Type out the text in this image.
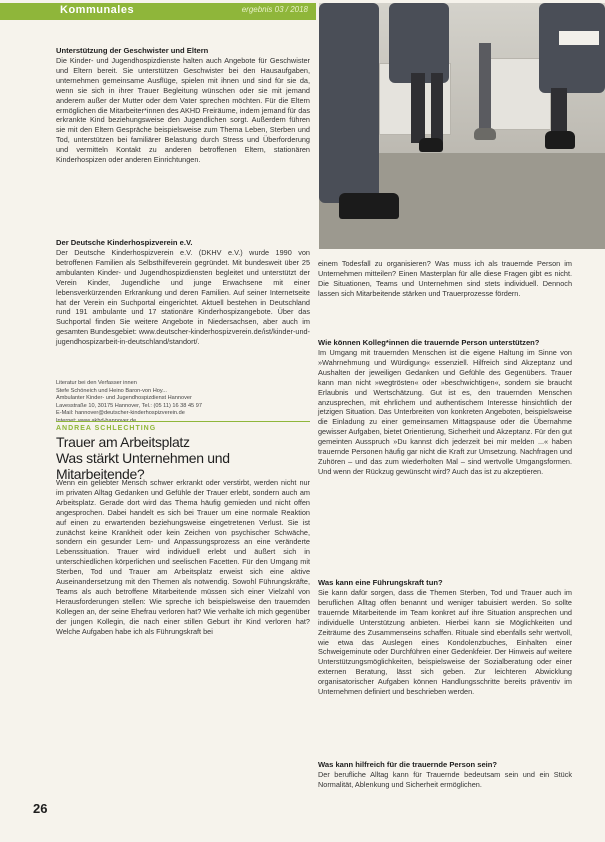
Kommunales	ergebnis 03 / 2018
Unterstützung der Geschwister und Eltern

Die Kinder- und Jugendhospizdienste halten auch Angebote für Geschwister und Eltern bereit. Sie unterstützen Geschwister bei den Hausaufgaben, unternehmen gemeinsame Ausflüge, spielen mit ihnen und sind für sie da, wenn sie sich in ihrer Trauer Begleitung wünschen oder sie mit jemand anderem außer der Mutter oder dem Vater sprechen möchten. Für die Eltern ermöglichen die Mitarbeiter*innen des AKHD Freiräume, indem jemand für das erkrankte Kind beziehungsweise den Jugendlichen sorgt. Außerdem führen sie mit den Eltern Gespräche beispielsweise zum Thema Leben, Sterben und Tod, unterstützen bei familiärer Belastung durch Stress und Überforderung und vermitteln Kontakt zu anderen betroffenen Eltern, stationären Kinderhospizen oder anderen Einrichtungen.

Der Deutsche Kinderhospizverein e.V.

Der Deutsche Kinderhospizverein e.V. (DKHV e.V.) wurde 1990 von betroffenen Familien als Selbsthilfeverein gegründet. Mit bundesweit über 25 ambulanten Kinder- und Jugendhospizdiensten begleitet und unterstützt der Verein Kinder, Jugendliche und junge Erwachsene mit einer lebensverkürzenden Erkrankung und deren Familien. Auf seiner Internetseite hat der Verein ein Suchportal eingerichtet. Aktuell bestehen in Deutschland rund 191 ambulante und 17 stationäre Kinderhospizangebote. Über das Suchportal finden Sie weitere Angebote in Niedersachsen, aber auch im gesamten Bundesgebiet: www.deutscher-kinderhospizverein.de/ist/kinder-und-jugendhospizarbeit-in-deutschland/standort/.

Literatur bei den Verfasser innen
Stefe Schöneich und Heino Baron-von Hoy...
Ambulanter Kinder- und Jugendhospizdienst Hannover
Lavesstraße 10, 30175 Hannover, Tel.: (05 11) 16 38 45 97
E-Mail: hannover@deutscher-kinderhospizverein.de
ANDREA SCHLECHTING
Trauer am Arbeitsplatz
Was stärkt Unternehmen und Mitarbeitende?

Wenn ein geliebter Mensch schwer erkrankt oder verstirbt, werden nicht nur im privaten Alltag Gedanken und Gefühle der Trauer erlebt, sondern auch am Arbeitsplatz. Gerade dort wird das Thema häufig gemieden und nicht offen angesprochen. Dabei handelt es sich bei Trauer um eine normale Reaktion auf einen zu erwartenden beziehungsweise eingetretenen Verlust. Sie ist zunächst keine Krankheit oder kein Zeichen von psychischer Schwäche, sondern ein gesunder Lern- und Anpassungsprozess an eine veränderte Lebenssituation. Trauer wird individuell erlebt und äußert sich in unterschiedlichen körperlichen und seelischen Facetten. Für den Umgang mit Sterben, Tod und Trauer am Arbeitsplatz erweist sich eine aktive Auseinandersetzung mit den Themen als notwendig. Sowohl Führungskräfte, Teams als auch betroffene Mitarbeitende müssen sich einer Vielzahl von Herausforderungen stellen: Wie spreche ich beispielsweise den trauernden Kollegen an, der seine Ehefrau verloren hat? Wie verhalte ich mich gegenüber der jungen Kollegin, die nach einer stillen Geburt ihr Kind verloren hat? Welche Aufgaben habe ich als Führungskraft bei

einem Todesfall zu organisieren? Was muss ich als trauernde Person im Unternehmen mitteilen? Einen Masterplan für alle diese Fragen gibt es nicht. Die Situationen, Teams und Unternehmen sind stets individuell. Dennoch lassen sich Mitarbeitende stärken und Trauerprozesse fördern.

Wie können Kolleg*innen die trauernde Person unterstützen?

Im Umgang mit trauernden Menschen ist die eigene Haltung im Sinne von »Wahrnehmung und Würdigung« essenziell. Hilfreich sind Akzeptanz und Aushalten der jeweiligen Gedanken und Gefühle des Gegenübers. Trauer kann man nicht »wegtrösten« oder »beschwichtigen«, sondern sie braucht Erlaubnis und Wertschätzung. Gut ist es, den trauernden Menschen anzusprechen, mit ehrlichem und authentischem Interesse hinsichtlich der jetzigen Situation. Das Unterbreiten von konkreten Angeboten, beispielsweise die Einladung zu einer gemeinsamen Mittagspause oder die Übernahme gewisser Aufgaben, bietet Orientierung, Sicherheit und Akzeptanz. Für den gut gemeinten Ausspruch »Du kannst dich jederzeit bei mir melden ...« haben trauernde Personen häufig gar nicht die Kraft zur Umsetzung. Nachfragen und Zuhören – und das zum wiederholten Mal – sind wertvolle Umgangsformen. Und wenn der Rückzug gewünscht wird? Auch das ist zu akzeptieren.

Was kann eine Führungskraft tun?

Sie kann dafür sorgen, dass die Themen Sterben, Tod und Trauer auch im beruflichen Alltag offen benannt und weniger tabuisiert werden. So sollte trauernde Mitarbeitende im Team konkret auf ihre Situation ansprechen und individuelle Unterstützung anbieten. Hierbei kann sie Möglichkeiten und Zeiträume des Zusammenseins schaffen. Rituale sind ebenfalls sehr wertvoll, wie etwa das Auslegen eines Kondolenzbuches, Einhalten einer Schweigeminute oder Durchführen einer Gedenkfeier. Der Hinweis auf weitere Unterstützungsmöglichkeiten, beispielsweise der Sozialberatung oder einer externen Beratung, lässt sich geben. Zur leichteren Abwicklung organisatorischer Aufgaben können Handlungsschritte bereits präventiv im Unternehmen definiert und beschrieben werden.

Was kann hilfreich für die trauernde Person sein?

Der berufliche Alltag kann für Trauernde bedeutsam sein und ein Stück Normalität, Ablenkung und Sicherheit ermöglichen.

26
